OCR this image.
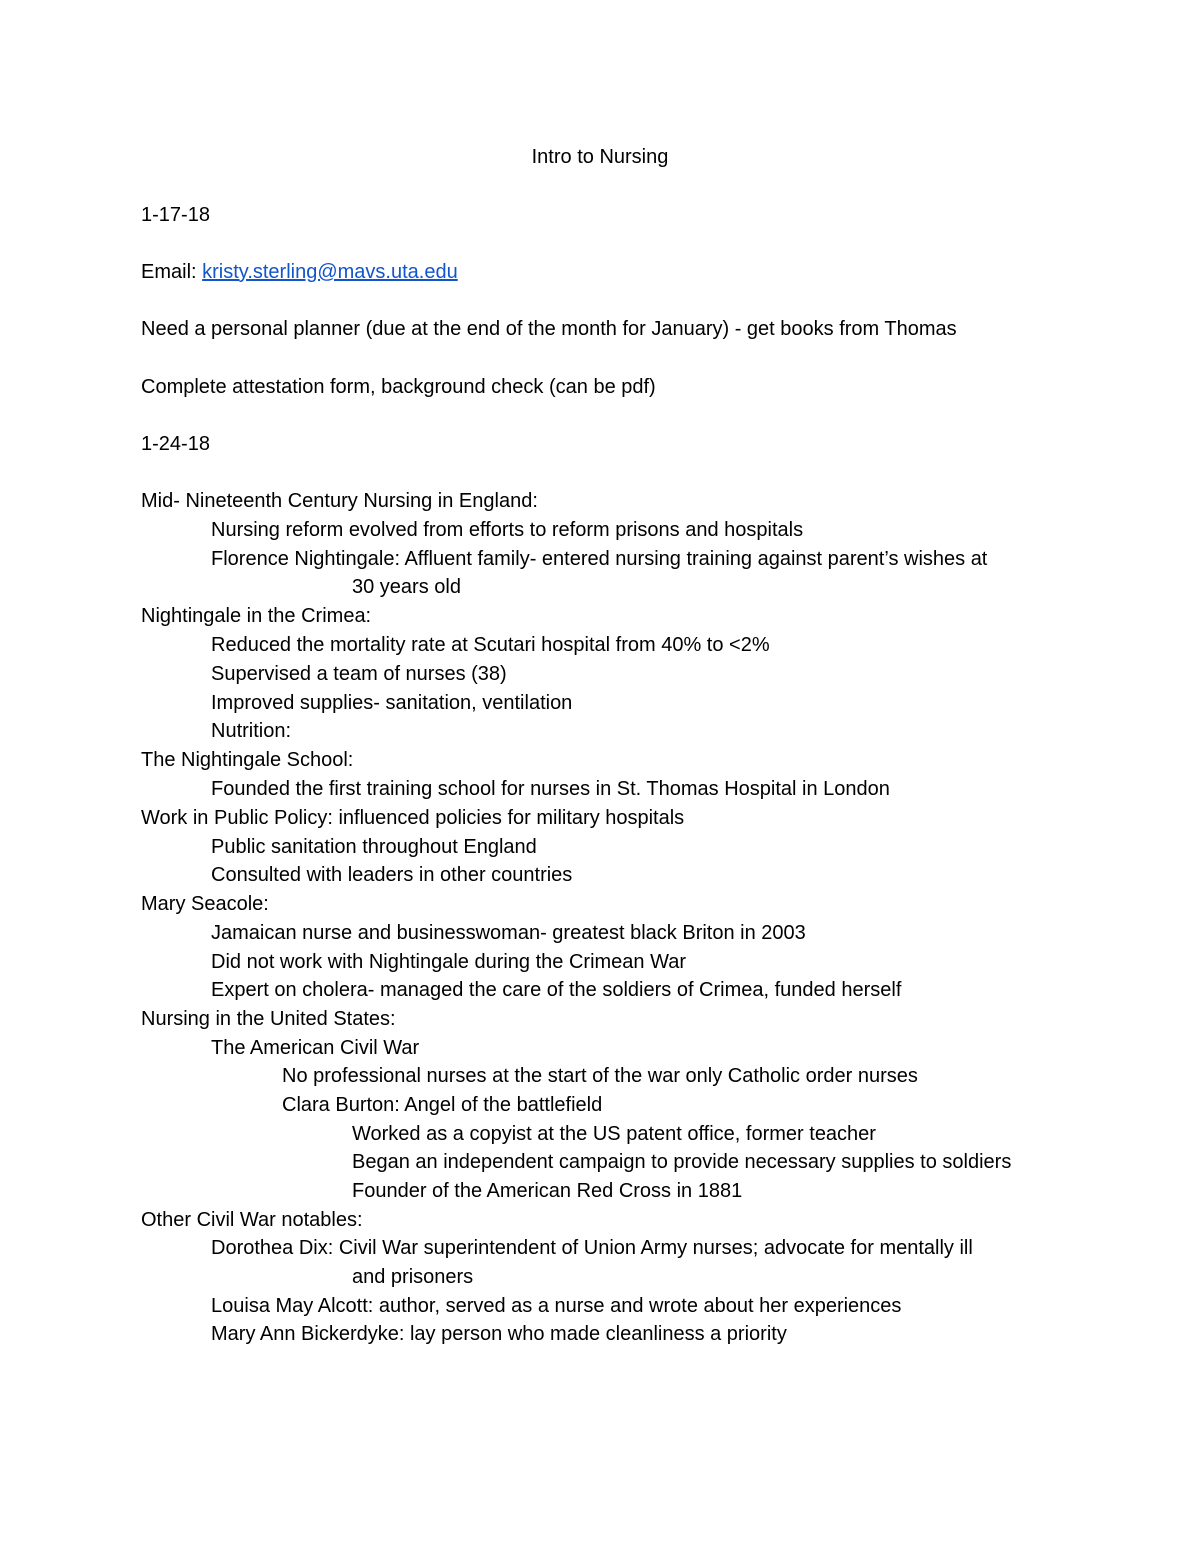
Intro to Nursing
1-17-18
Email: kristy.sterling@mavs.uta.edu
Need a personal planner (due at the end of the month for January) - get books from Thomas
Complete attestation form, background check (can be pdf)
1-24-18
Mid- Nineteenth Century Nursing in England:
Nursing reform evolved from efforts to reform prisons and hospitals
Florence Nightingale: Affluent family- entered nursing training against parent’s wishes at
30 years old
Nightingale in the Crimea:
Reduced the mortality rate at Scutari hospital from 40% to <2%
Supervised a team of nurses (38)
Improved supplies- sanitation, ventilation
Nutrition:
The Nightingale School:
Founded the first training school for nurses in St. Thomas Hospital in London
Work in Public Policy: influenced policies for military hospitals
Public sanitation throughout England
Consulted with leaders in other countries
Mary Seacole:
Jamaican nurse and businesswoman- greatest black Briton in 2003
Did not work with Nightingale during the Crimean War
Expert on cholera- managed the care of the soldiers of Crimea, funded herself
Nursing in the United States:
The American Civil War
No professional nurses at the start of the war only Catholic order nurses
Clara Burton: Angel of the battlefield
Worked as a copyist at the US patent office, former teacher
Began an independent campaign to provide necessary supplies to soldiers
Founder of the American Red Cross in 1881
Other Civil War notables:
Dorothea Dix: Civil War superintendent of Union Army nurses; advocate for mentally ill
and prisoners
Louisa May Alcott: author, served as a nurse and wrote about her experiences
Mary Ann Bickerdyke: lay person who made cleanliness a priority
